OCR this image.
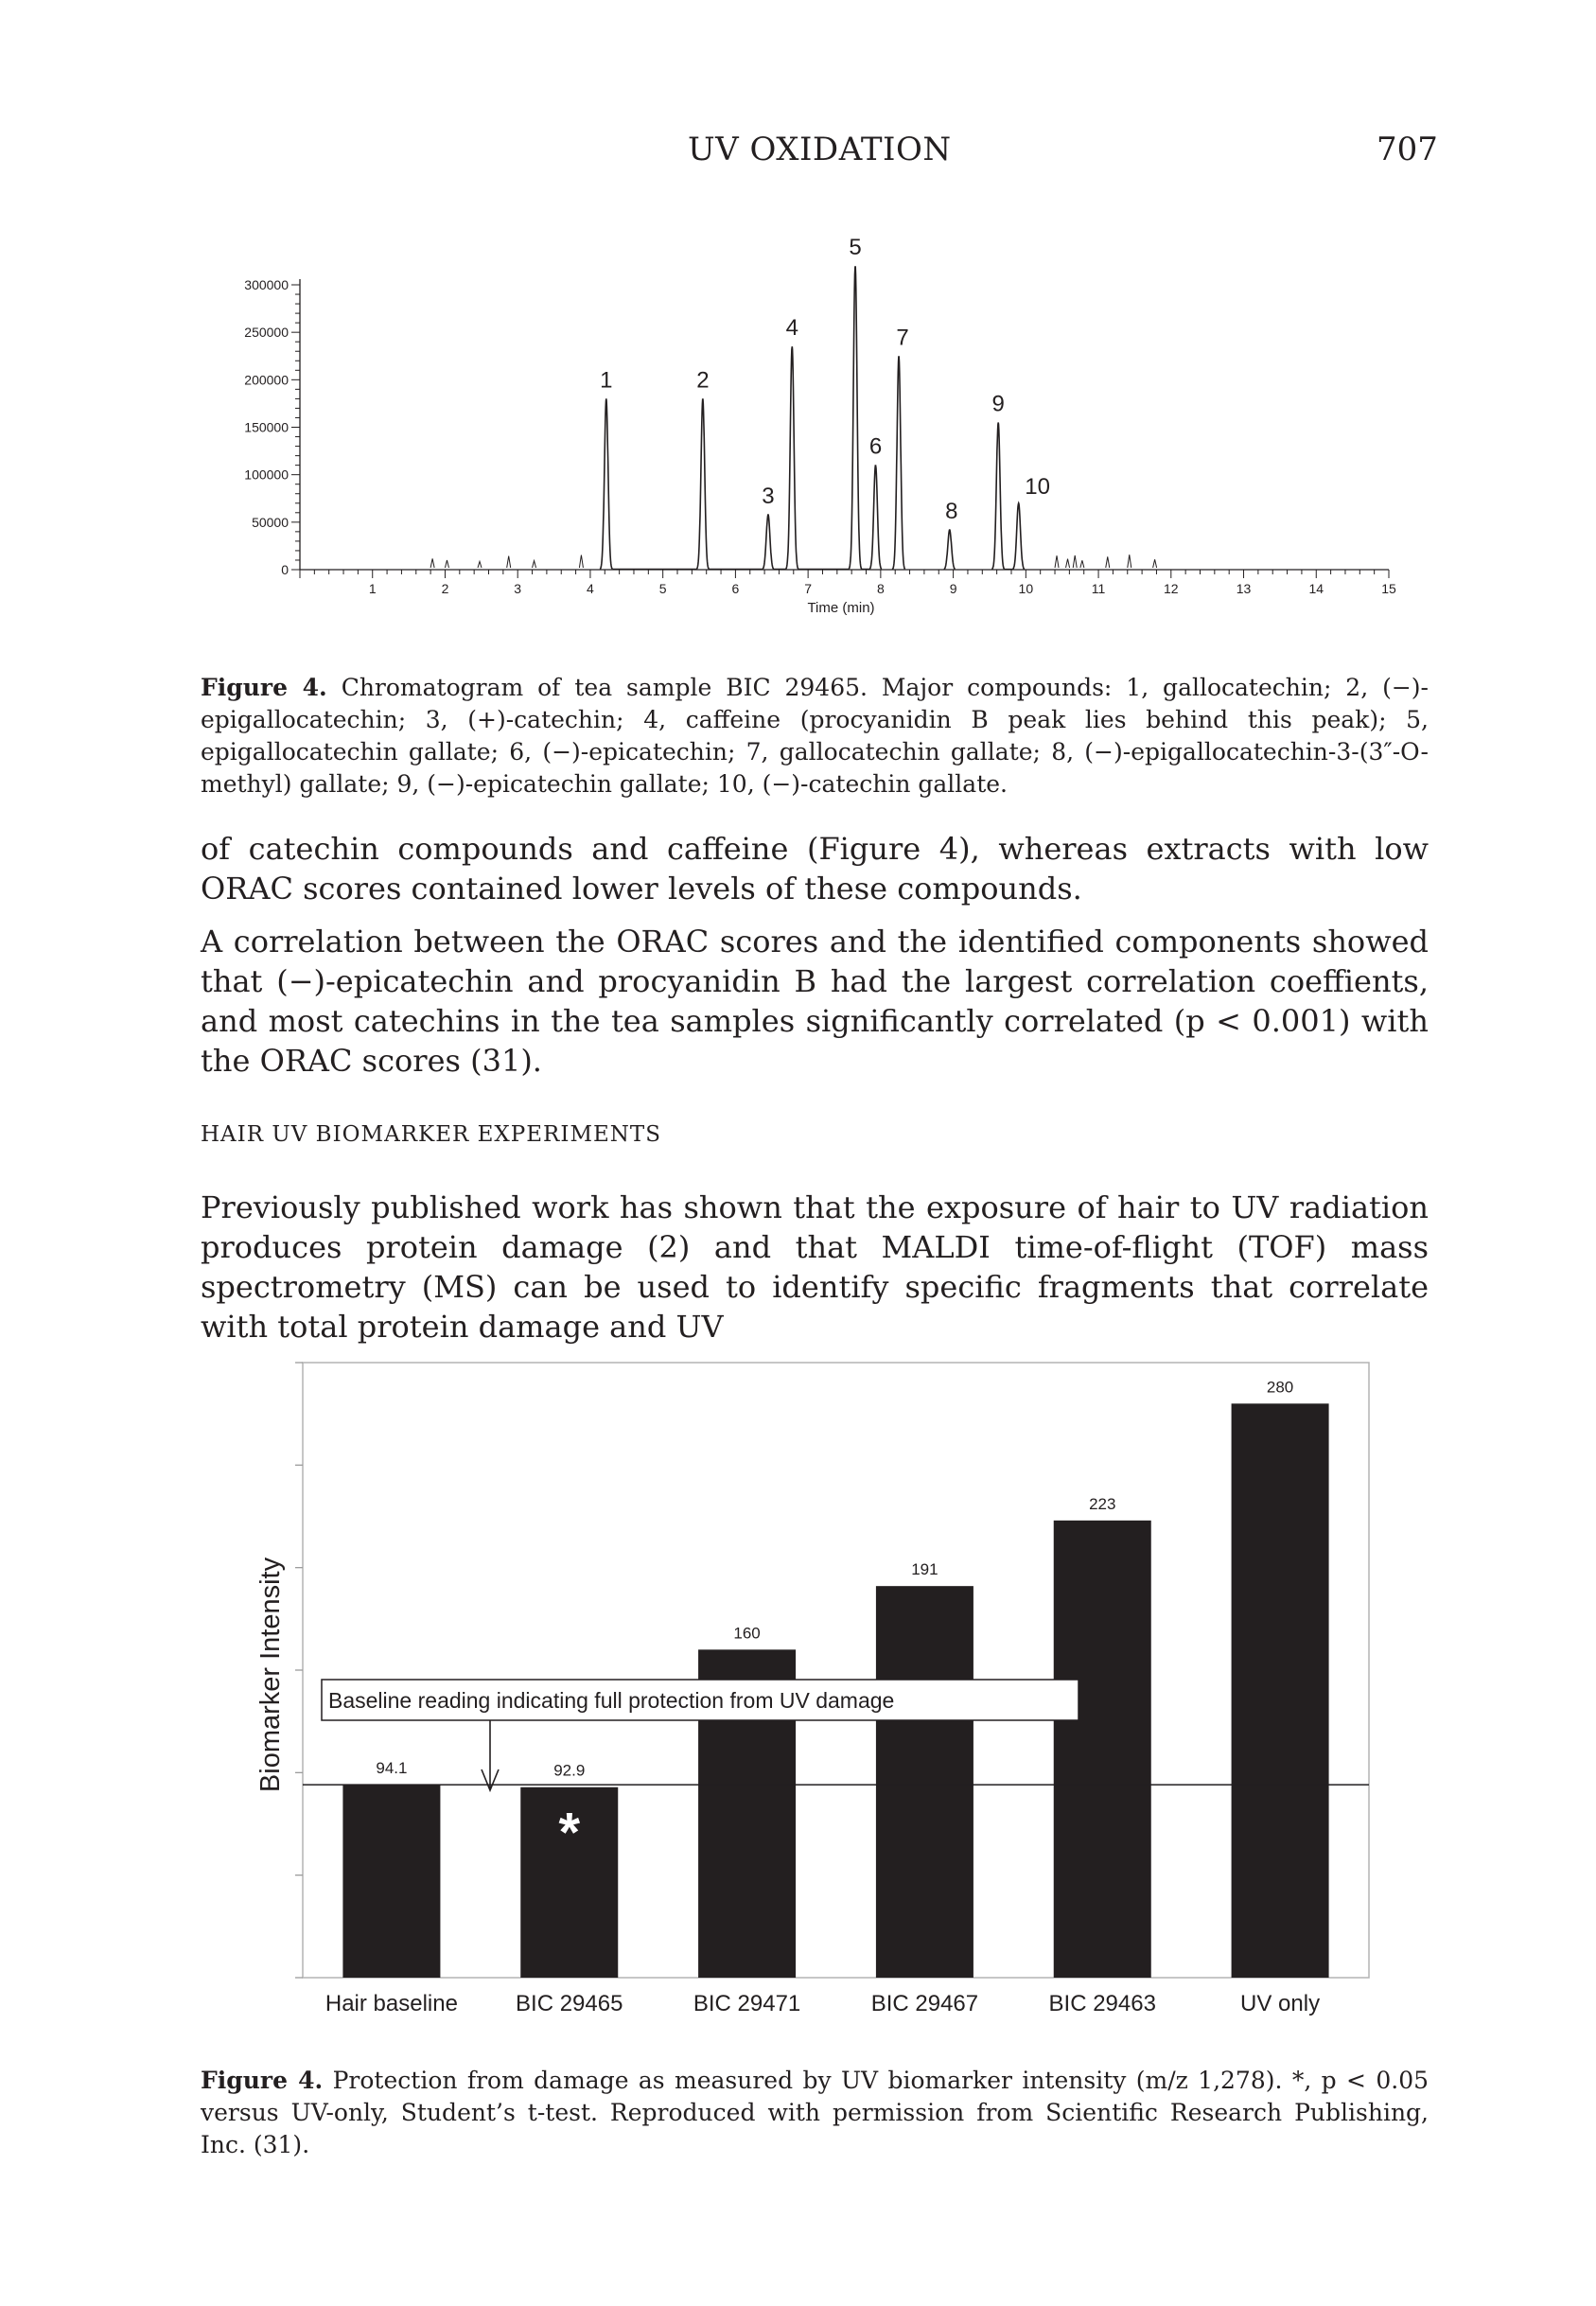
UV OXIDATION	707
1	2	3	4	5	6	7	8	9	10	11	12	13	14	15
0
50000
100000
150000
200000
250000
300000
1	2
3
4
5
6
7
8
9
10
Time (min)
Figure 4. Chromatogram of tea sample BIC 29465. Major compounds: 1, gallocatechin; 2, (−)-epigallocatechin; 3, (+)-catechin; 4, caffeine (procyanidin B peak lies behind this peak); 5, epigallocatechin gallate; 6, (−)-epicatechin; 7, gallocatechin gallate; 8, (−)-epigallocatechin-3-(3″-O-methyl) gallate; 9, (−)-epicatechin gallate; 10, (−)-catechin gallate.
of catechin compounds and caffeine (Figure 4), whereas extracts with low ORAC scores contained lower levels of these compounds.
A correlation between the ORAC scores and the identified components showed that (−)-epicatechin and procyanidin B had the largest correlation coeffients, and most catechins in the tea samples significantly correlated (p < 0.001) with the ORAC scores (31).
HAIR UV BIOMARKER EXPERIMENTS
Previously published work has shown that the exposure of hair to UV radiation produces protein damage (2) and that MALDI time-of-flight (TOF) mass spectrometry (MS) can be used to identify specific fragments that correlate with total protein damage and UV
94.1
Hair baseline
92.9
BIC 29465
*
160
BIC 29471
191
BIC 29467
223
BIC 29463
280
UV only
Baseline reading indicating full protection from UV damage
Biomarker Intensity
Figure 4. Protection from damage as measured by UV biomarker intensity (m/z 1,278). *, p < 0.05 versus UV-only, Student’s t-test. Reproduced with permission from Scientific Research Publishing, Inc. (31).
